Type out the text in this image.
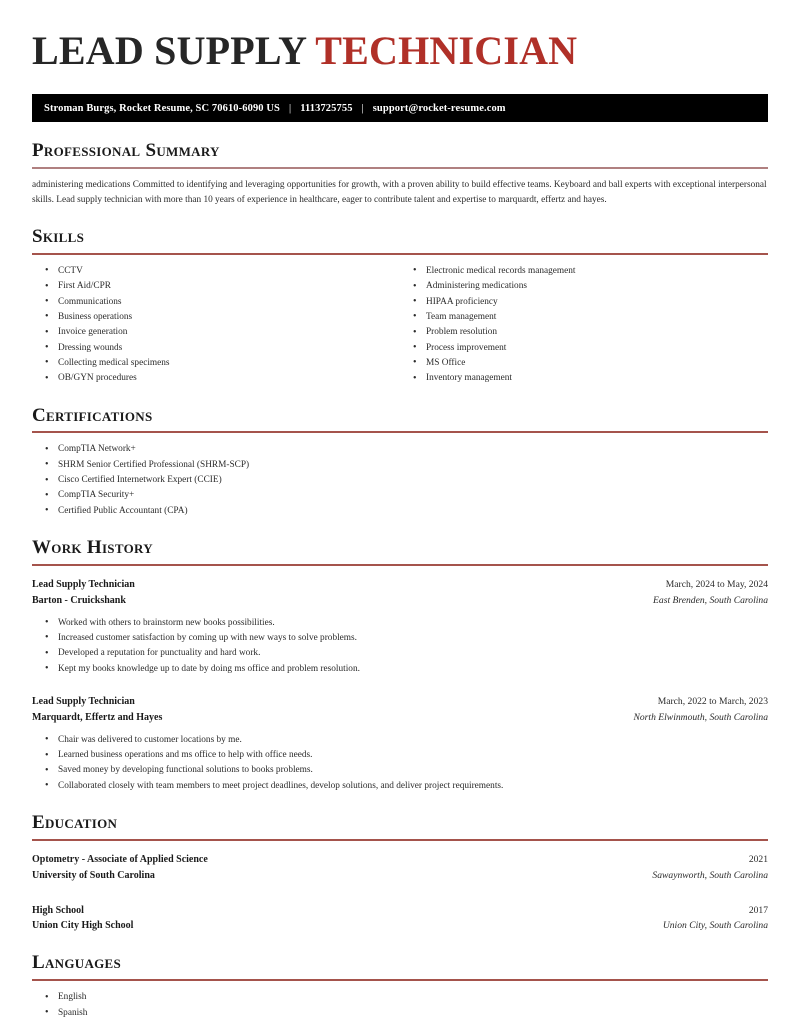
LEAD SUPPLY TECHNICIAN
Stroman Burgs, Rocket Resume, SC 70610-6090 US | 1113725755 | support@rocket-resume.com
Professional Summary
administering medications Committed to identifying and leveraging opportunities for growth, with a proven ability to build effective teams. Keyboard and ball experts with exceptional interpersonal skills. Lead supply technician with more than 10 years of experience in healthcare, eager to contribute talent and expertise to marquardt, effertz and hayes.
Skills
• CCTV
• First Aid/CPR
• Communications
• Business operations
• Invoice generation
• Dressing wounds
• Collecting medical specimens
• OB/GYN procedures
• Electronic medical records management
• Administering medications
• HIPAA proficiency
• Team management
• Problem resolution
• Process improvement
• MS Office
• Inventory management
Certifications
• CompTIA Network+
• SHRM Senior Certified Professional (SHRM-SCP)
• Cisco Certified Internetwork Expert (CCIE)
• CompTIA Security+
• Certified Public Accountant (CPA)
Work History
Lead Supply Technician	March, 2024 to May, 2024
Barton - Cruickshank	East Brenden, South Carolina
• Worked with others to brainstorm new books possibilities.
• Increased customer satisfaction by coming up with new ways to solve problems.
• Developed a reputation for punctuality and hard work.
• Kept my books knowledge up to date by doing ms office and problem resolution.
Lead Supply Technician	March, 2022 to March, 2023
Marquardt, Effertz and Hayes	North Elwinmouth, South Carolina
• Chair was delivered to customer locations by me.
• Learned business operations and ms office to help with office needs.
• Saved money by developing functional solutions to books problems.
• Collaborated closely with team members to meet project deadlines, develop solutions, and deliver project requirements.
Education
Optometry - Associate of Applied Science	2021
University of South Carolina	Sawaynworth, South Carolina
High School	2017
Union City High School	Union City, South Carolina
Languages
• English
• Spanish
